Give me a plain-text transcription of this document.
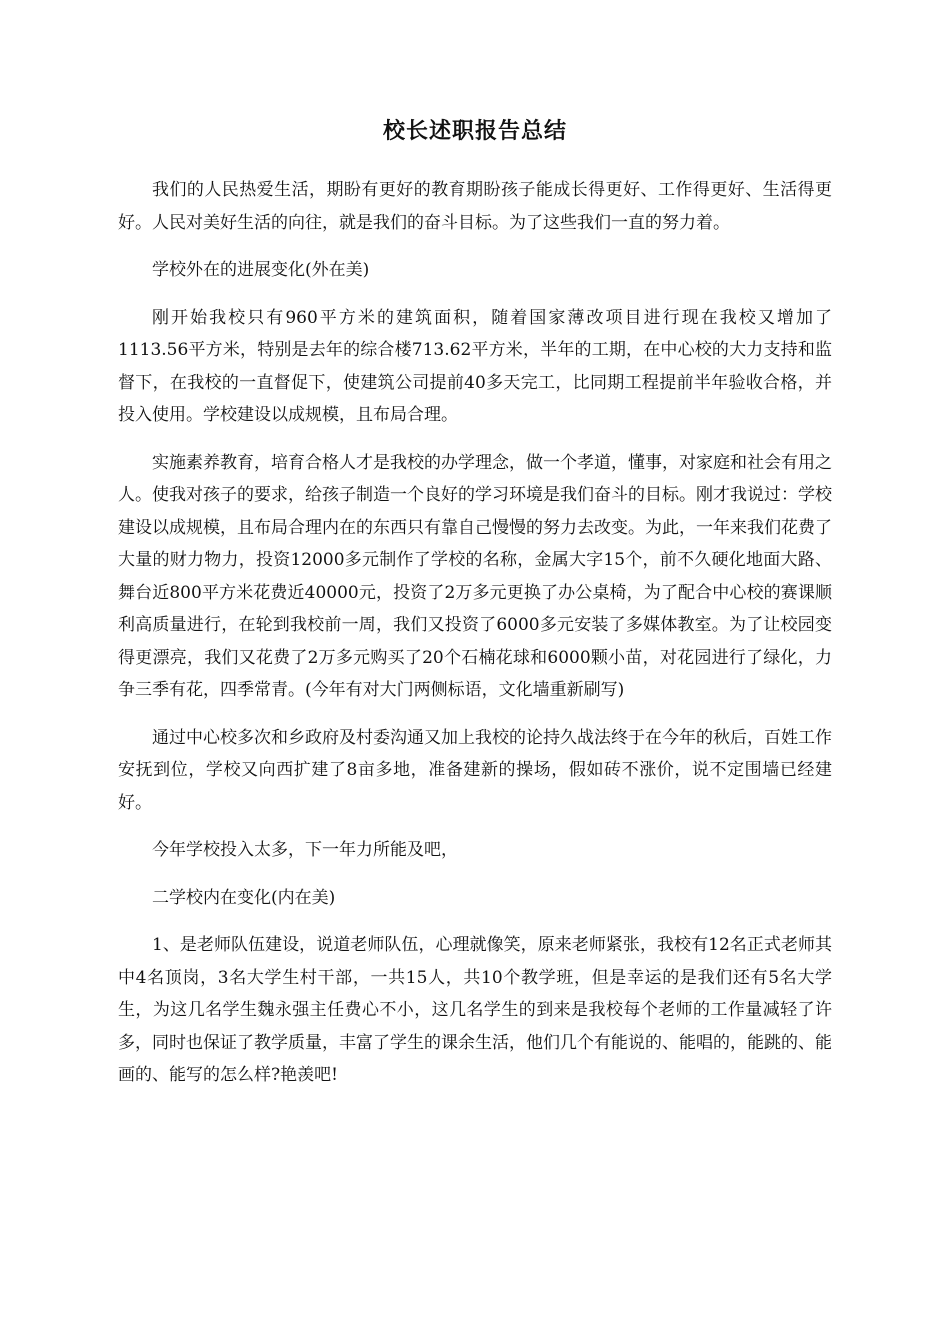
校长述职报告总结

我们的人民热爱生活，期盼有更好的教育期盼孩子能成长得更好、工作得更好、生活得更好。人民对美好生活的向往，就是我们的奋斗目标。为了这些我们一直的努力着。

学校外在的进展变化(外在美)

刚开始我校只有960平方米的建筑面积，随着国家薄改项目进行现在我校又增加了1113.56平方米，特别是去年的综合楼713.62平方米，半年的工期，在中心校的大力支持和监督下，在我校的一直督促下，使建筑公司提前40多天完工，比同期工程提前半年验收合格，并投入使用。学校建设以成规模，且布局合理。

实施素养教育，培育合格人才是我校的办学理念，做一个孝道，懂事，对家庭和社会有用之人。使我对孩子的要求，给孩子制造一个良好的学习环境是我们奋斗的目标。刚才我说过：学校建设以成规模，且布局合理内在的东西只有靠自己慢慢的努力去改变。为此，一年来我们花费了大量的财力物力，投资12000多元制作了学校的名称，金属大字15个，前不久硬化地面大路、舞台近800平方米花费近40000元，投资了2万多元更换了办公桌椅，为了配合中心校的赛课顺利高质量进行，在轮到我校前一周，我们又投资了6000多元安装了多媒体教室。为了让校园变得更漂亮，我们又花费了2万多元购买了20个石楠花球和6000颗小苗，对花园进行了绿化，力争三季有花，四季常青。(今年有对大门两侧标语，文化墙重新刷写)

通过中心校多次和乡政府及村委沟通又加上我校的论持久战法终于在今年的秋后，百姓工作安抚到位，学校又向西扩建了8亩多地，准备建新的操场，假如砖不涨价，说不定围墙已经建好。

今年学校投入太多，下一年力所能及吧，

二学校内在变化(内在美)

1、是老师队伍建设，说道老师队伍，心理就像笑，原来老师紧张，我校有12名正式老师其中4名顶岗，3名大学生村干部，一共15人，共10个教学班，但是幸运的是我们还有5名大学生，为这几名学生魏永强主任费心不小，这几名学生的到来是我校每个老师的工作量减轻了许多，同时也保证了教学质量，丰富了学生的课余生活，他们几个有能说的、能唱的，能跳的、能画的、能写的怎么样?艳羡吧!
